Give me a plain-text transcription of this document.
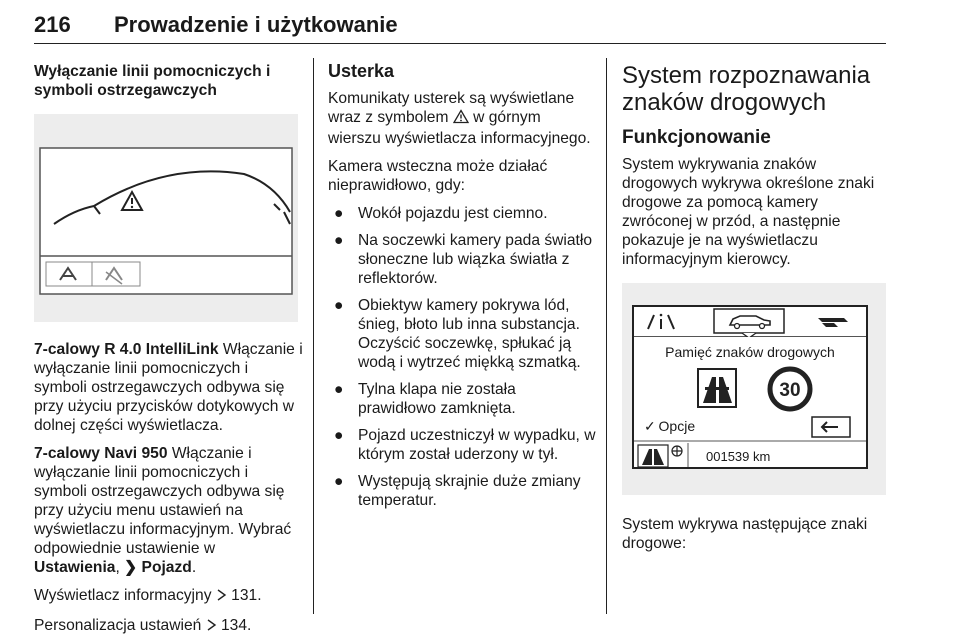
216 Prowadzenie i użytkowanie
Wyłączanie linii pomocniczych i symboli ostrzegawczych

7-calowy R 4.0 IntelliLink Włączanie i wyłączanie linii pomocniczych i symboli ostrzegawczych odbywa się przy użyciu przycisków dotykowych w dolnej części wyświetlacza.

7-calowy Navi 950 Włączanie i wyłączanie linii pomocniczych i symboli ostrzegawczych odbywa się przy użyciu menu ustawień na wyświetlaczu informacyjnym. Wybrać odpowiednie ustawienie w
Ustawienia, ❯ Pojazd.

Wyświetlacz informacyjny  131.

Personalizacja ustawień  134.

Usterka

Komunikaty usterek są wyświetlane wraz z symbolem  w górnym wierszu wyświetlacza informacyjnego.

Kamera wsteczna może działać nieprawidłowo, gdy:

● Wokół pojazdu jest ciemno.
● Na soczewki kamery pada światło słoneczne lub wiązka światła z reflektorów.
● Obiektyw kamery pokrywa lód, śnieg, błoto lub inna substancja. Oczyścić soczewkę, spłukać ją wodą i wytrzeć miękką szmatką.
● Tylna klapa nie została prawidłowo zamknięta.
● Pojazd uczestniczył w wypadku, w którym został uderzony w tył.
● Występują skrajnie duże zmiany temperatur.
System rozpoznawania znaków drogowych
Funkcjonowanie

System wykrywania znaków drogowych wykrywa określone znaki drogowe za pomocą kamery zwróconej w przód, a następnie pokazuje je na wyświetlaczu informacyjnym kierowcy.

Pamięć znaków drogowych
30
✓ Opcje
001539 km

System wykrywa następujące znaki drogowe:
